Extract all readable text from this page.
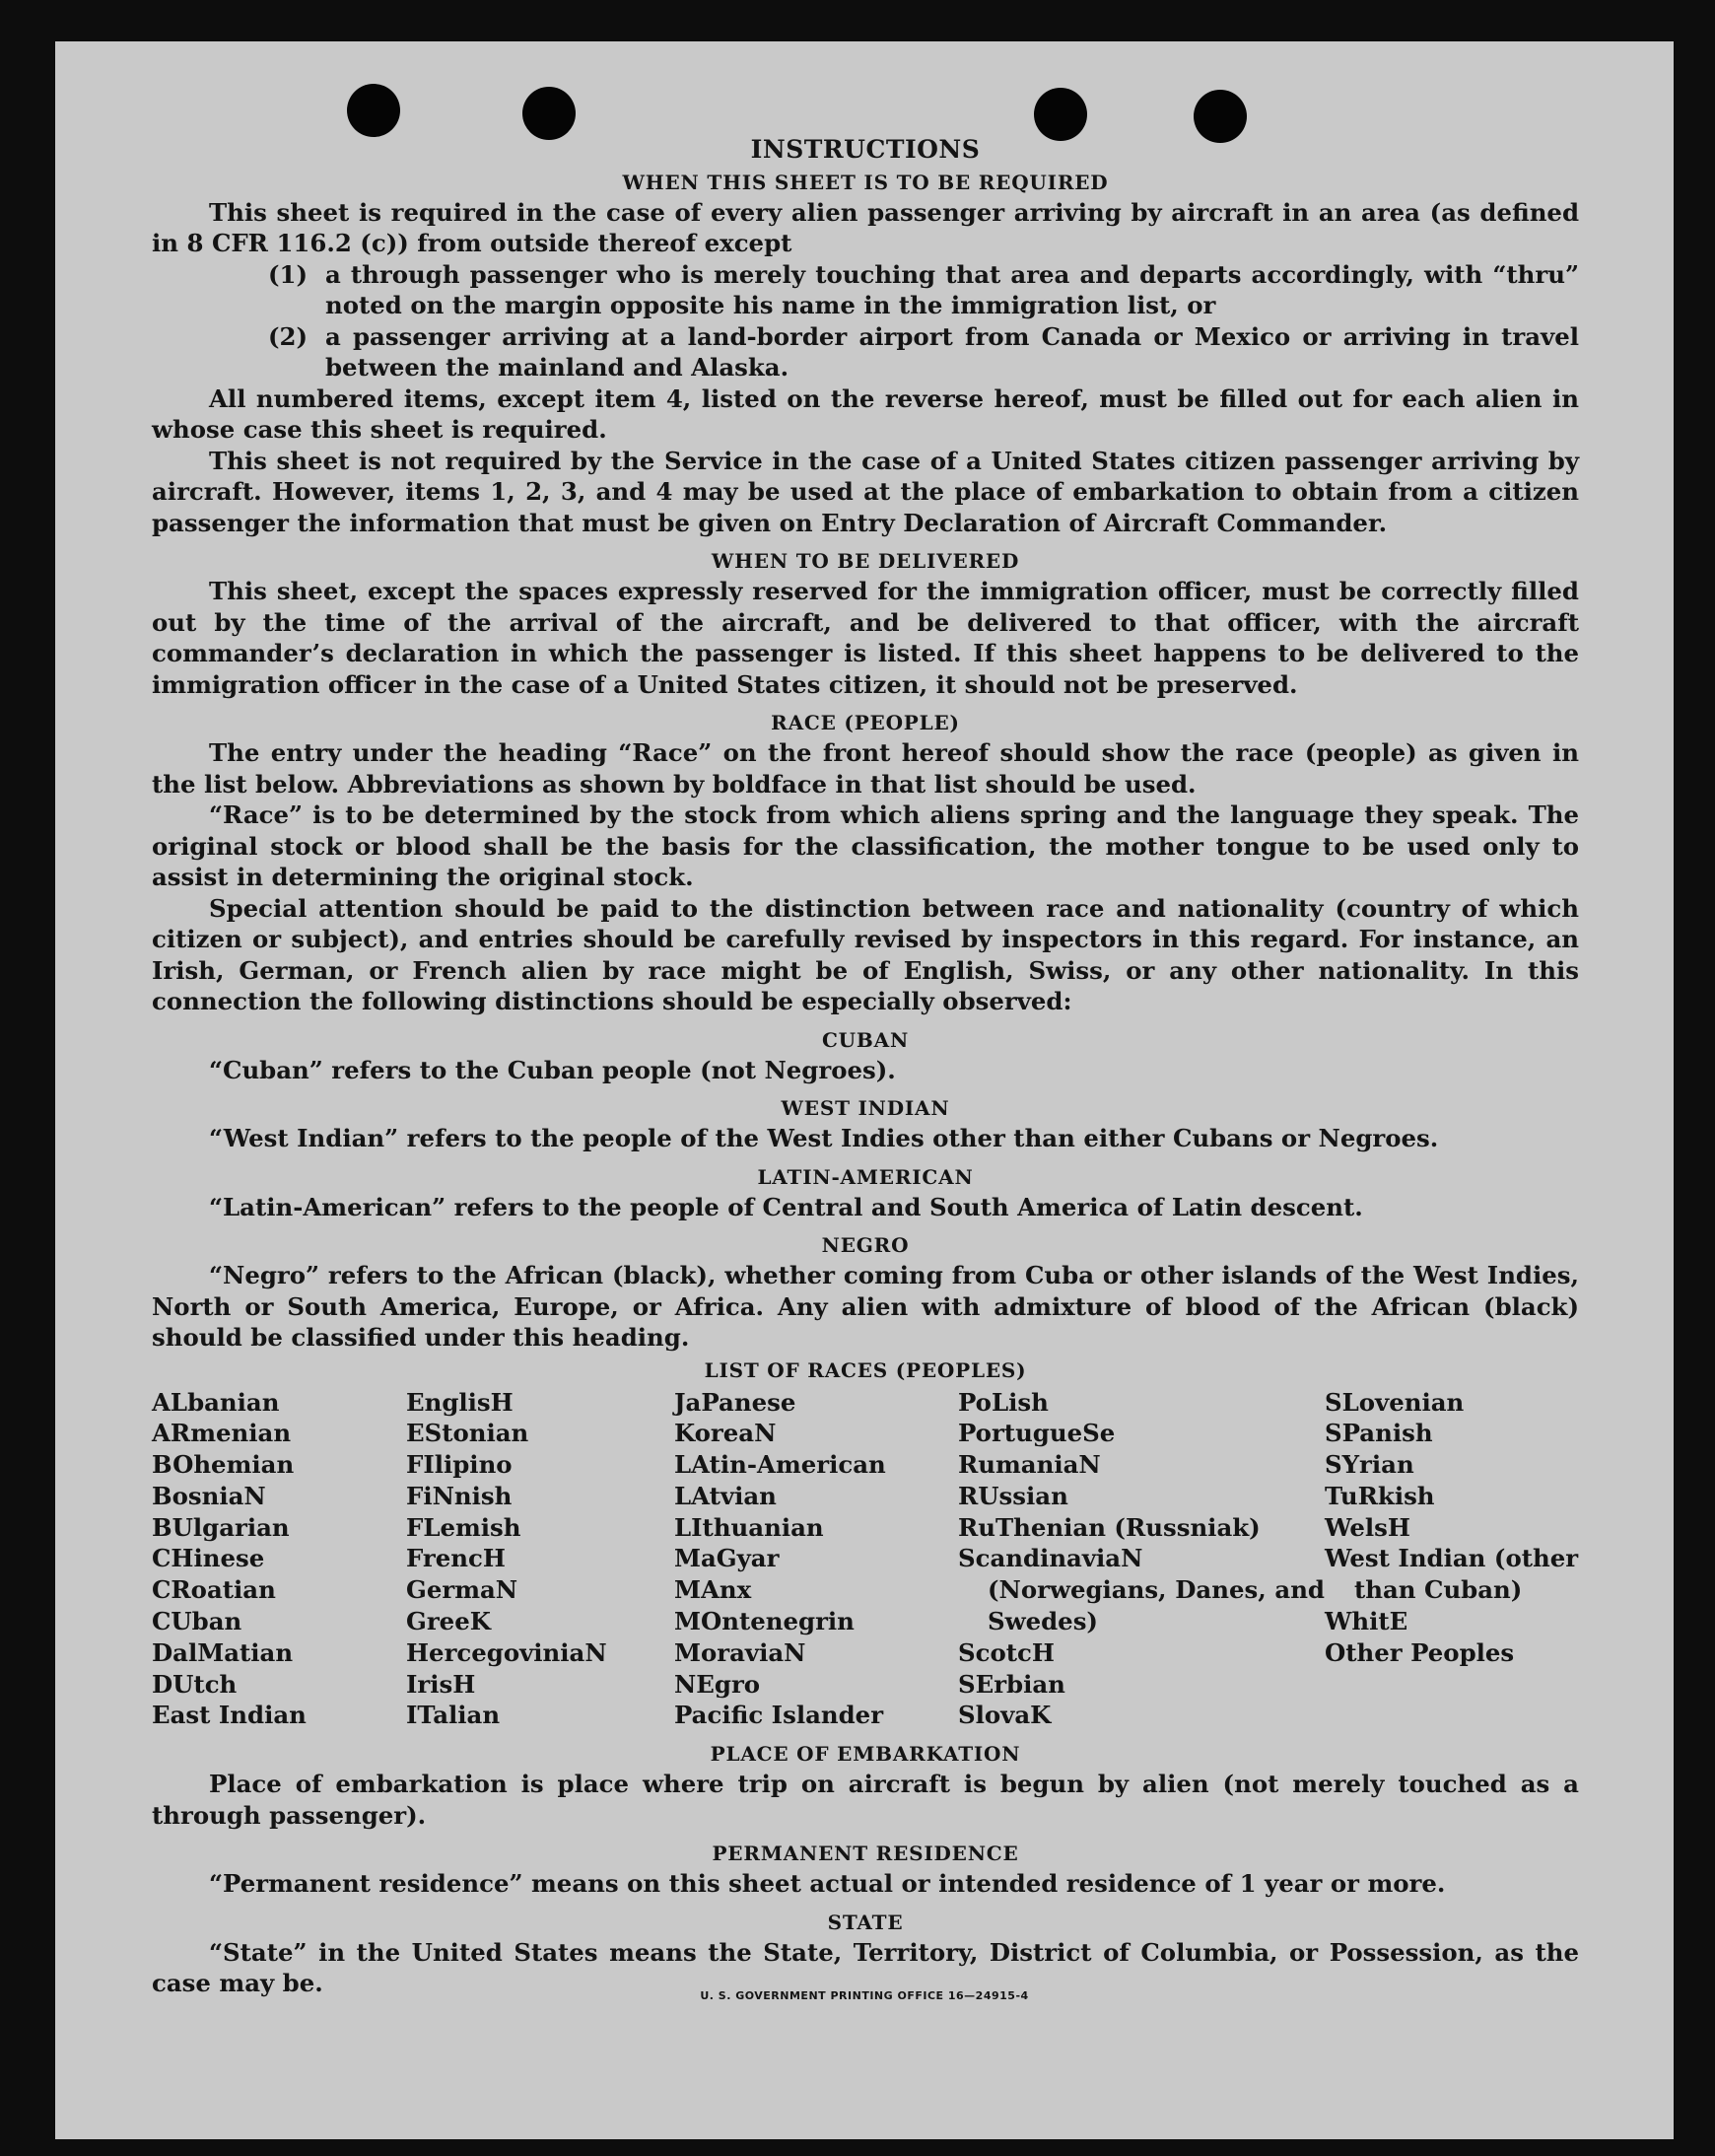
INSTRUCTIONS
WHEN THIS SHEET IS TO BE REQUIRED

This sheet is required in the case of every alien passenger arriving by aircraft in an area (as defined in 8 CFR 116.2 (c)) from outside thereof except

(1) a through passenger who is merely touching that area and departs accordingly, with “thru” noted on the margin opposite his name in the immigration list, or
(2) a passenger arriving at a land-border airport from Canada or Mexico or arriving in travel between the mainland and Alaska.

All numbered items, except item 4, listed on the reverse hereof, must be filled out for each alien in whose case this sheet is required.

This sheet is not required by the Service in the case of a United States citizen passenger arriving by aircraft. However, items 1, 2, 3, and 4 may be used at the place of embarkation to obtain from a citizen passenger the information that must be given on Entry Declaration of Aircraft Commander.

WHEN TO BE DELIVERED

This sheet, except the spaces expressly reserved for the immigration officer, must be correctly filled out by the time of the arrival of the aircraft, and be delivered to that officer, with the aircraft commander’s declaration in which the passenger is listed. If this sheet happens to be delivered to the immigration officer in the case of a United States citizen, it should not be preserved.

RACE (PEOPLE)

The entry under the heading “Race” on the front hereof should show the race (people) as given in the list below. Abbreviations as shown by boldface in that list should be used.

“Race” is to be determined by the stock from which aliens spring and the language they speak. The original stock or blood shall be the basis for the classification, the mother tongue to be used only to assist in determining the original stock.

Special attention should be paid to the distinction between race and nationality (country of which citizen or subject), and entries should be carefully revised by inspectors in this regard. For instance, an Irish, German, or French alien by race might be of English, Swiss, or any other nationality. In this connection the following distinctions should be especially observed:

CUBAN

“Cuban” refers to the Cuban people (not Negroes).

WEST INDIAN

“West Indian” refers to the people of the West Indies other than either Cubans or Negroes.

LATIN-AMERICAN

“Latin-American” refers to the people of Central and South America of Latin descent.

NEGRO

“Negro” refers to the African (black), whether coming from Cuba or other islands of the West Indies, North or South America, Europe, or Africa. Any alien with admixture of blood of the African (black) should be classified under this heading.

LIST OF RACES (PEOPLES)
ALbanian
ARmenian
BOhemian
BosniaN
BUlgarian
CHinese
CRoatian
CUban
DalMatian
DUtch
East Indian
EnglisH
EStonian
FIlipino
FiNnish
FLemish
FrencH
GermaN
GreeK
HercegoviniaN
IrisH
ITalian
JaPanese
KoreaN
LAtin-American
LAtvian
LIthuanian
MaGyar
MAnx
MOntenegrin
MoraviaN
NEgro
Pacific Islander
PoLish
PortugueSe
RumaniaN
RUssian
RuThenian (Russniak)
ScandinaviaN (Norwegians, Danes, and Swedes)
ScotcH
SErbian
SlovaK
SLovenian
SPanish
SYrian
TuRkish
WelsH
West Indian (other than Cuban)
WhitE
Other Peoples
PLACE OF EMBARKATION

Place of embarkation is place where trip on aircraft is begun by alien (not merely touched as a through passenger).

PERMANENT RESIDENCE

“Permanent residence” means on this sheet actual or intended residence of 1 year or more.

STATE

“State” in the United States means the State, Territory, District of Columbia, or Possession, as the case may be.	U. S. GOVERNMENT PRINTING OFFICE 16—24915-4
